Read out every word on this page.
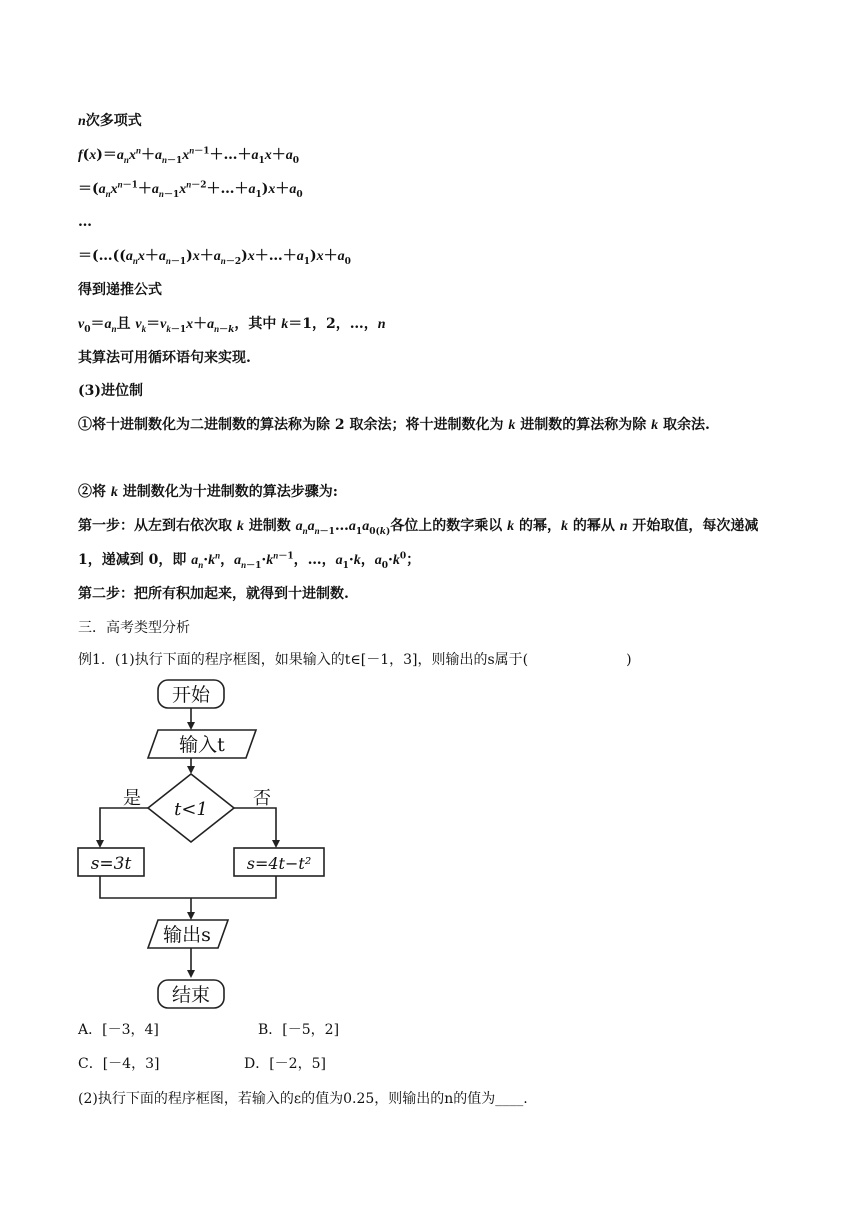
n次多项式
$f(x)=a_nx^n+a_{n-1}x^{n-1}+\dots+a_1x+a_0$
$=(a_nx^{n-1}+a_{n-1}x^{n-2}+\dots+a_1)x+a_0$
…
$=(\dots((a_nx+a_{n-1})x+a_{n-2})x+\dots+a_1)x+a_0$
得到递推公式
$v_0=a_n$且 $v_k=v_{k-1}x+a_{n-k}$，其中 k＝1，2，…，n
其算法可用循环语句来实现.
(3)进位制
①将十进制数化为二进制数的算法称为除 2 取余法；将十进制数化为 k 进制数的算法称为除 k 取余法.
②将 k 进制数化为十进制数的算法步骤为:
第一步：从左到右依次取 k 进制数 $a_na_{n-1}\dots a_1a_{0(k)}$各位上的数字乘以 k 的幂，k 的幂从 n 开始取值，每次递减
1，递减到 0，即 $a_n\cdot k^n$，$a_{n-1}\cdot k^{n-1}$，…，$a_1\cdot k$，$a_0\cdot k^0$；
第二步：把所有积加起来，就得到十进制数.
三．高考类型分析
例1．(1)执行下面的程序框图，如果输入的t∈[－1，3]，则输出的s属于(　　　　　　　)
开始
输入t
t<1
是	否
s=3t	s=4t−t²
输出s
结束
A．[－3，4]	B．[－5，2]
C．[－4，3]	D．[－2，5]
(2)执行下面的程序框图，若输入的ε的值为0.25，则输出的n的值为____.
